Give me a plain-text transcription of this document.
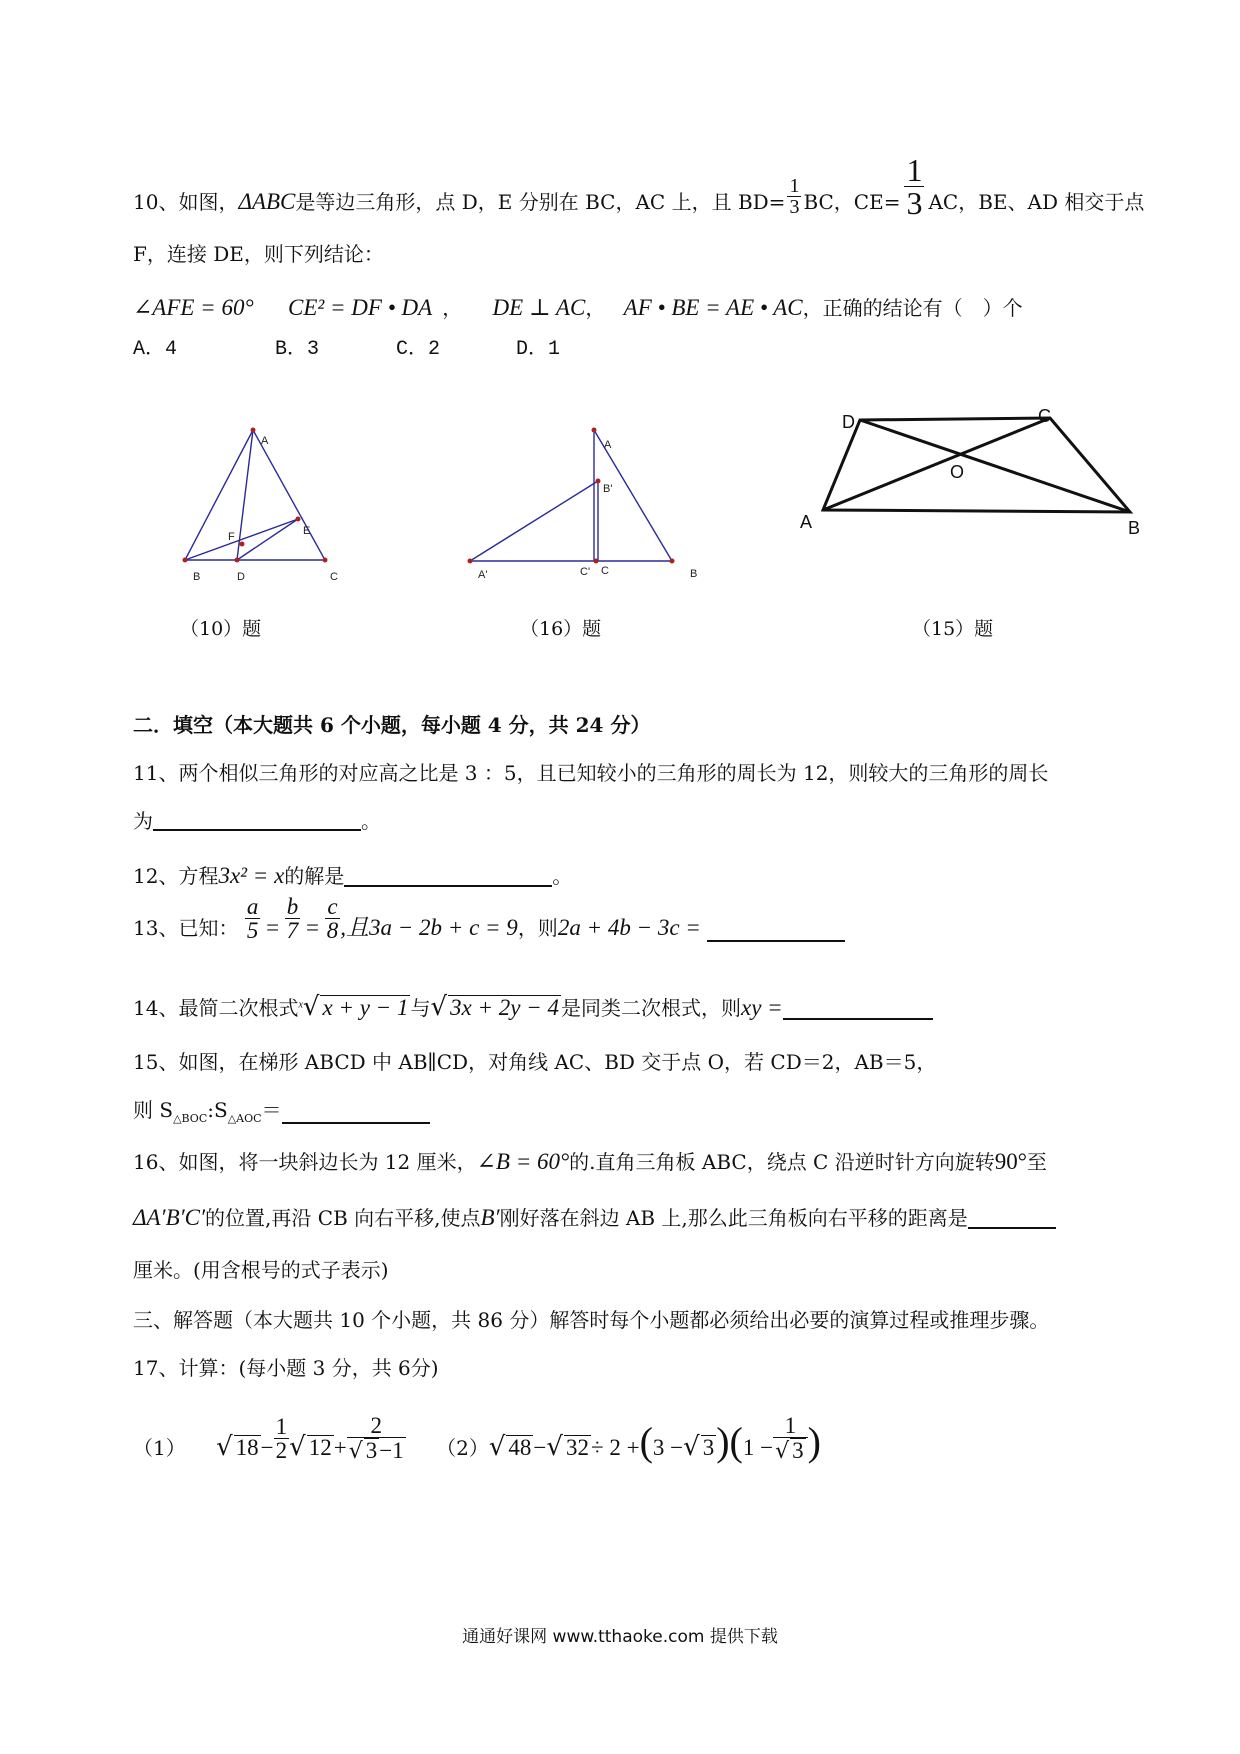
10、如图，ΔABC是等边三角形，点 D，E 分别在 BC，AC 上，且 $BD= \frac{1}{3}$ BC，$CE= \frac{1}{3}$ AC，BE、AD 相交于点
F，连接 DE，则下列结论：
∠AFE = 60° CE² = DF • DA ， DE ⊥ AC， AF • BE = AE • AC，正确的结论有（　）个
A．4	B．3	C．2	D．1
A
B	D	C
E
F
（10）题
A
B'
A'	C' C	B
（16）题
D	C
O
A	B
（15）题
二．填空（本大题共 6 个小题，每小题 4 分，共 24 分）
11、两个相似三角形的对应高之比是 3 ：5，且已知较小的三角形的周长为 12，则较大的三角形的周长
为	。
12、方程3x² = x的解是	。
13、已知： $\frac{a}{5} = \frac{b}{7} = \frac{c}{8}$ ,且3a − 2b + c = 9，则2a + 4b − 3c =
14、最简二次根式$^x$√ x + y − 1 与√ 3x + 2y − 4 是同类二次根式，则xy =
15、如图，在梯形 ABCD 中 AB∥CD，对角线 AC、BD 交于点 O，若 CD＝2，AB＝5，
则 $S_{\triangle BOC}:S_{\triangle AOC}=$
16、如图，将一块斜边长为 12 厘米，∠B = 60°的.直角三角板 ABC，绕点 C 沿逆时针方向旋转90°至
ΔA′B′C′的位置,再沿 CB 向右平移,使点B′刚好落在斜边 AB 上,那么此三角板向右平移的距离是
厘米。(用含根号的式子表示)
三、解答题（本大题共 10 个小题，共 86 分）解答时每个小题都必须给出必要的演算过程或推理步骤。
17、计算：(每小题 3 分，共 6分)
（1） √ $18- \frac{1}{2}$ √ $12+ \frac{2}{√ 3-1} (2)√$ 48−√ 32÷ 2 +(3 −√ $3)(1 - \frac{1}{√ 3}$ )
通通好课网 www.tthaoke.com 提供下载
